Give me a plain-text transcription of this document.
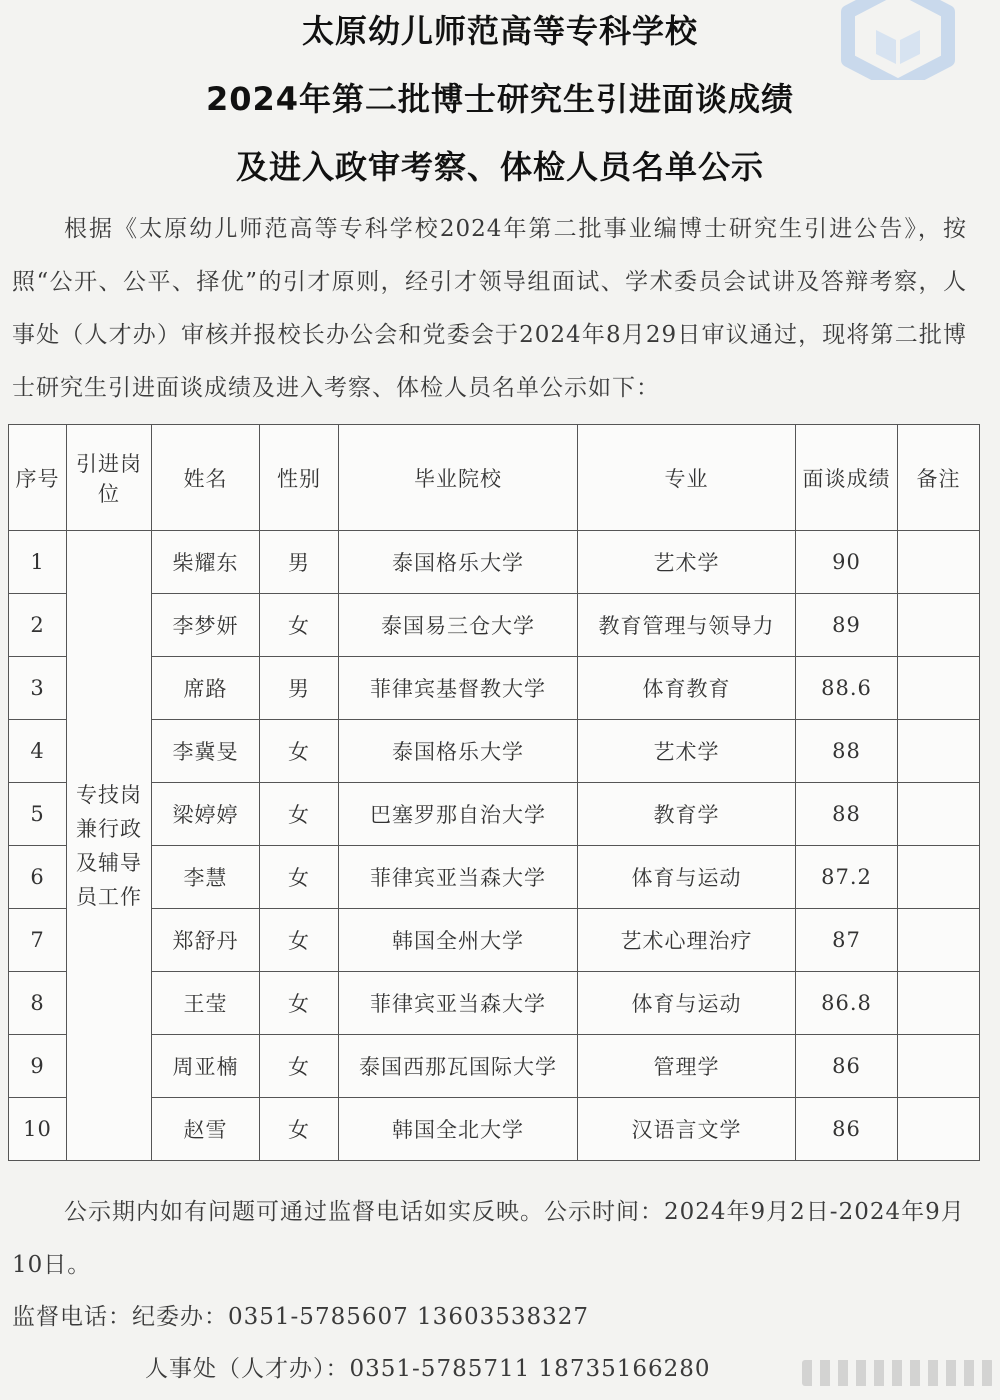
太原幼儿师范高等专科学校
2024年第二批博士研究生引进面谈成绩
及进入政审考察、体检人员名单公示

根据《太原幼儿师范高等专科学校2024年第二批事业编博士研究生引进公告》，按照“公开、公平、择优”的引才原则，经引才领导组面试、学术委员会试讲及答辩考察，人事处（人才办）审核并报校长办公会和党委会于2024年8月29日审议通过，现将第二批博士研究生引进面谈成绩及进入考察、体检人员名单公示如下：

序号	引进岗位	姓名	性别	毕业院校	专业	面谈成绩	备注
1	专技岗兼行政及辅导员工作	柴耀东	男	泰国格乐大学	艺术学	90	
2		李梦妍	女	泰国易三仓大学	教育管理与领导力	89	
3		席路	男	菲律宾基督教大学	体育教育	88.6	
4		李冀旻	女	泰国格乐大学	艺术学	88	
5		梁婷婷	女	巴塞罗那自治大学	教育学	88	
6		李慧	女	菲律宾亚当森大学	体育与运动	87.2	
7		郑舒丹	女	韩国全州大学	艺术心理治疗	87	
8		王莹	女	菲律宾亚当森大学	体育与运动	86.8	
9		周亚楠	女	泰国西那瓦国际大学	管理学	86	
10		赵雪	女	韩国全北大学	汉语言文学	86	

公示期内如有问题可通过监督电话如实反映。公示时间：2024年9月2日-2024年9月10日。

监督电话：纪委办：0351-5785607 13603538327
人事处（人才办）：0351-5785711 18735166280
